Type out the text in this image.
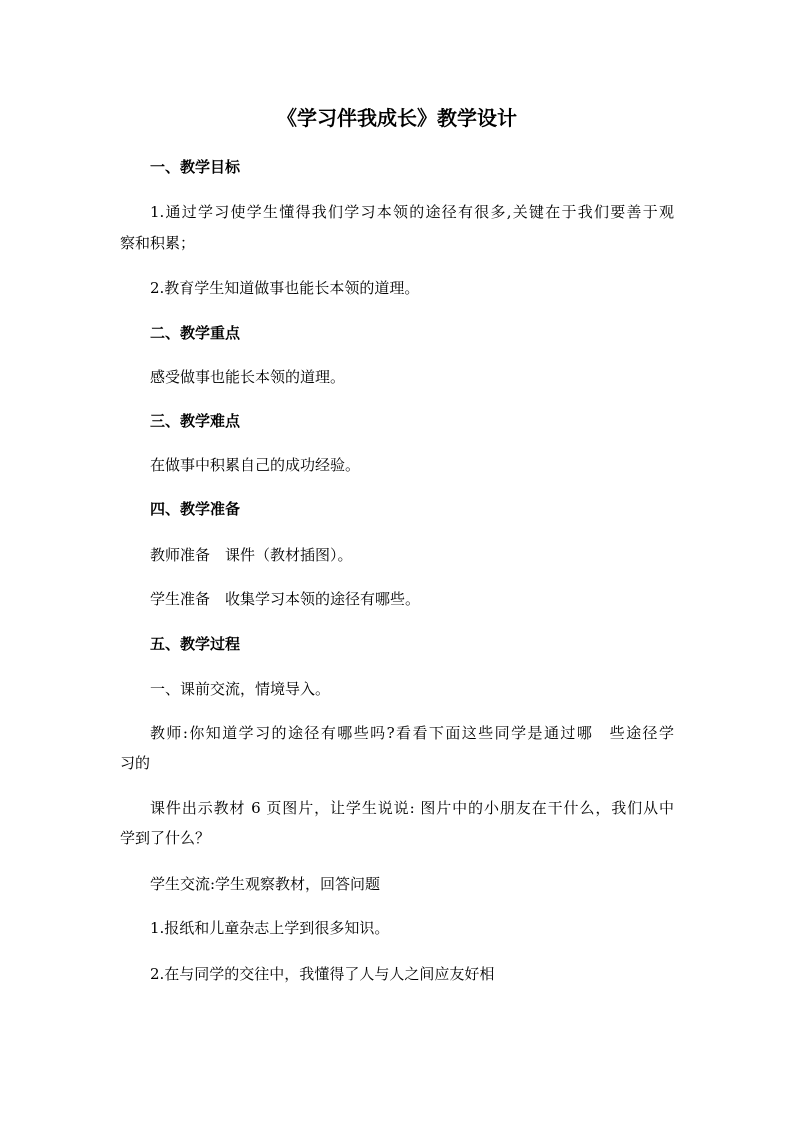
《学习伴我成长》教学设计
一、教学目标
1.通过学习使学生懂得我们学习本领的途径有很多,关键在于我们要善于观
察和积累；
2.教育学生知道做事也能长本领的道理。
二、教学重点
感受做事也能长本领的道理。
三、教学难点
在做事中积累自己的成功经验。
四、教学准备
教师准备　课件（教材插图）。
学生准备　收集学习本领的途径有哪些。
五、教学过程
一、课前交流，情境导入。
教师:你知道学习的途径有哪些吗?看看下面这些同学是通过哪　些途径学
习的
课件出示教材 6 页图片，让学生说说: 图片中的小朋友在干什么，我们从中
学到了什么？
学生交流:学生观察教材，回答问题
1.报纸和儿童杂志上学到很多知识。
2.在与同学的交往中，我懂得了人与人之间应友好相
